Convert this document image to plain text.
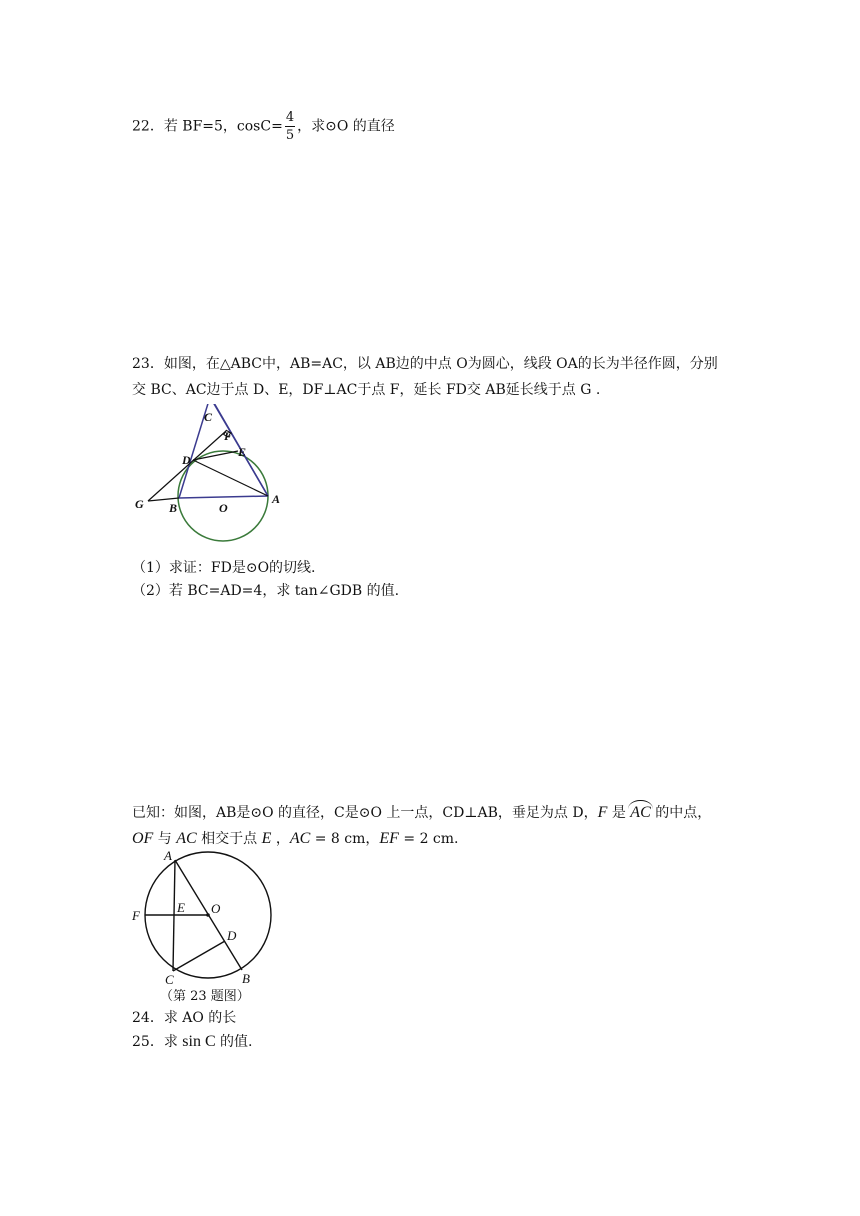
22．若 BF=5，$\cos C= \frac{4}{5}$ ，求⊙O 的直径
23．如图，在△ABC中，AB=AC，以 AB边的中点 O为圆心，线段 OA的长为半径作圆，分别
交 BC、AC边于点 D、E，DF⊥AC于点 F，延长 FD交 AB延长线于点 G .
C
F
E
D
G B	O
A
（1）求证：FD是⊙O的切线.
（2）若 BC=AD=4，求 tan∠GDB 的值.
已知：如图，AB是⊙O 的直径，C是⊙O 上一点，CD⊥AB，垂足为点 D，F 是 AC 的中点，
OF 与 AC 相交于点 E ，AC = 8 cm，EF = 2 cm.
A
F
E O
D
C	B
（第 23 题图）
24．求 AO 的长
25．求 sin C 的值.
